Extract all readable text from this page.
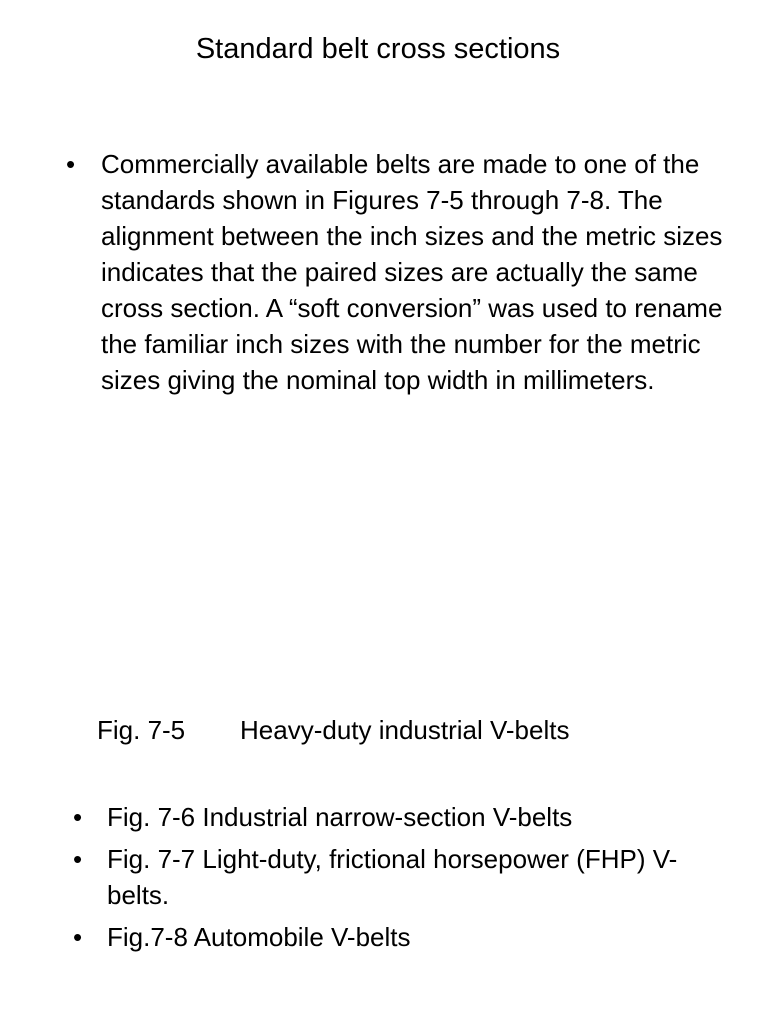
Standard belt cross sections
• Commercially available belts are made to one of the standards shown in Figures 7-5 through 7-8. The alignment between the inch sizes and the metric sizes indicates that the paired sizes are actually the same cross section. A “soft conversion” was used to rename the familiar inch sizes with the number for the metric sizes giving the nominal top width in millimeters.
Fig. 7-5 Heavy-duty industrial V-belts
• Fig. 7-6 Industrial narrow-section V-belts
• Fig. 7-7 Light-duty, frictional horsepower (FHP) V-belts.
• Fig.7-8 Automobile V-belts
